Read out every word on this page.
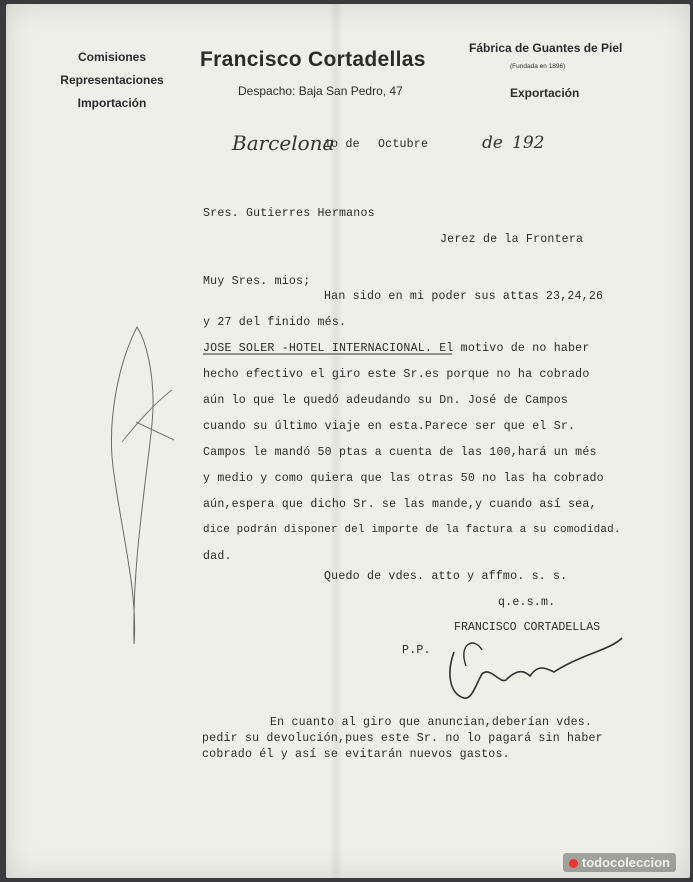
Comisiones
Representaciones
Importación
Francisco Cortadellas
Despacho: Baja San Pedro, 47
Fábrica de Guantes de Piel
(Fundada en 1896)
Exportación
Barcelona
1o de Octubre	de 192
Sres. Gutierres Hermanos
Jerez de la Frontera
Muy Sres. mios;
Han sido en mi poder sus attas 23,24,26
y 27 del finido més.
JOSE SOLER -HOTEL INTERNACIONAL. El motivo de no haber
hecho efectivo el giro este Sr.es porque no ha cobrado
aún lo que le quedó adeudando su Dn. José de Campos
cuando su último viaje en esta.Parece ser que el Sr.
Campos le mandó 50 ptas a cuenta de las 100,hará un més
y medio y como quiera que las otras 50 no las ha cobrado
aún,espera que dicho Sr. se las mande,y cuando así sea,
dice podrán disponer del importe de la factura a su comodidad.
dad.
Quedo de vdes. atto y affmo. s. s.
q.e.s.m.
FRANCISCO CORTADELLAS
P.P.
En cuanto al giro que anuncian,deberían vdes.
pedir su devolución,pues este Sr. no lo pagará sin haber
cobrado él y así se evitarán nuevos gastos.
todocoleccion
